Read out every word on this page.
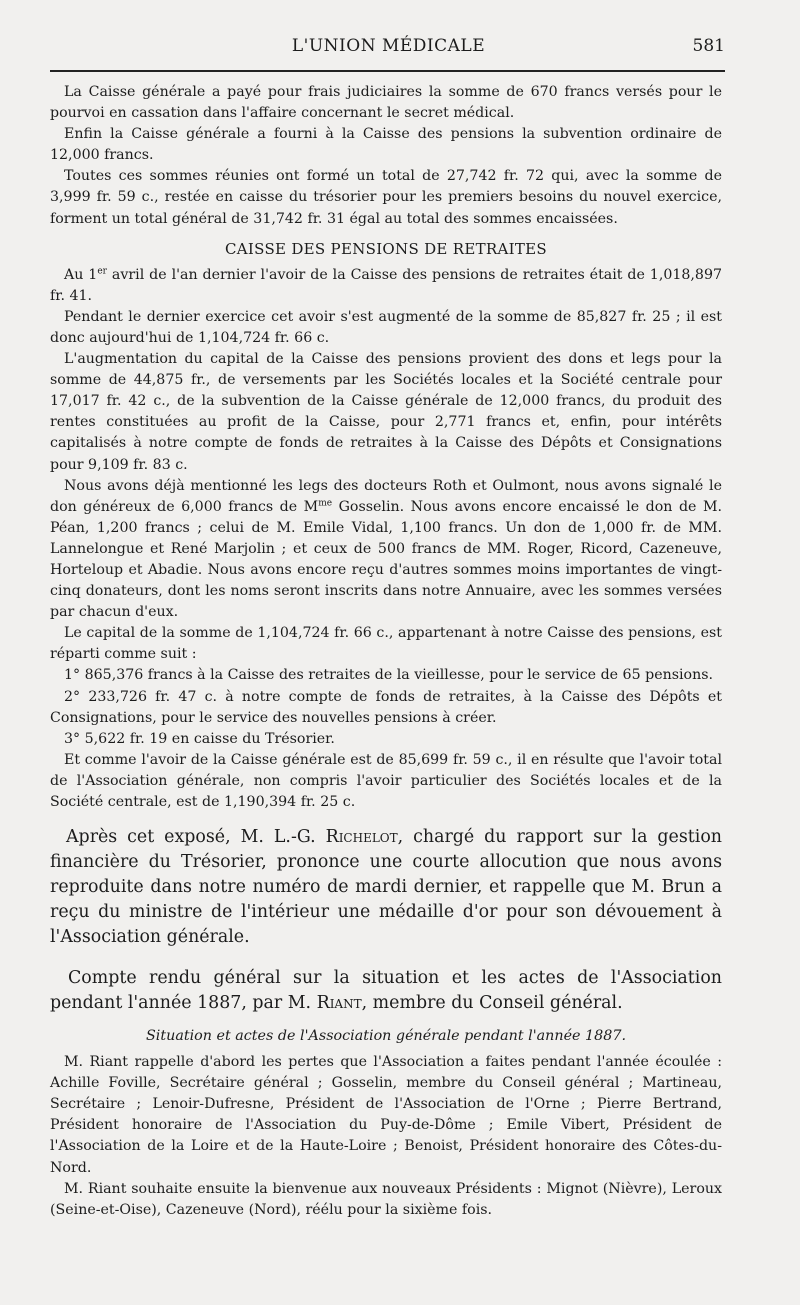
L'UNION MÉDICALE	581

La Caisse générale a payé pour frais judiciaires la somme de 670 francs versés pour le pourvoi en cassation dans l'affaire concernant le secret médical.

Enfin la Caisse générale a fourni à la Caisse des pensions la subvention ordinaire de 12,000 francs.

Toutes ces sommes réunies ont formé un total de 27,742 fr. 72 qui, avec la somme de 3,999 fr. 59 c., restée en caisse du trésorier pour les premiers besoins du nouvel exercice, forment un total général de 31,742 fr. 31 égal au total des sommes encaissées.

CAISSE DES PENSIONS DE RETRAITES

Au 1er avril de l'an dernier l'avoir de la Caisse des pensions de retraites était de 1,018,897 fr. 41.

Pendant le dernier exercice cet avoir s'est augmenté de la somme de 85,827 fr. 25 ; il est donc aujourd'hui de 1,104,724 fr. 66 c.

L'augmentation du capital de la Caisse des pensions provient des dons et legs pour la somme de 44,875 fr., de versements par les Sociétés locales et la Société centrale pour 17,017 fr. 42 c., de la subvention de la Caisse générale de 12,000 francs, du produit des rentes constituées au profit de la Caisse, pour 2,771 francs et, enfin, pour intérêts capitalisés à notre compte de fonds de retraites à la Caisse des Dépôts et Consignations pour 9,109 fr. 83 c.

Nous avons déjà mentionné les legs des docteurs Roth et Oulmont, nous avons signalé le don généreux de 6,000 francs de $M^{me}$ Gosselin. Nous avons encore encaissé le don de M. Péan, 1,200 francs ; celui de M. Emile Vidal, 1,100 francs. Un don de 1,000 fr. de MM. Lannelongue et René Marjolin ; et ceux de 500 francs de MM. Roger, Ricord, Cazeneuve, Horteloup et Abadie. Nous avons encore reçu d'autres sommes moins importantes de vingt-cinq donateurs, dont les noms seront inscrits dans notre Annuaire, avec les sommes versées par chacun d'eux.

Le capital de la somme de 1,104,724 fr. 66 c., appartenant à notre Caisse des pensions, est réparti comme suit :

1° 865,376 francs à la Caisse des retraites de la vieillesse, pour le service de 65 pensions.

2° 233,726 fr. 47 c. à notre compte de fonds de retraites, à la Caisse des Dépôts et Consignations, pour le service des nouvelles pensions à créer.

3° 5,622 fr. 19 en caisse du Trésorier.

Et comme l'avoir de la Caisse générale est de 85,699 fr. 59 c., il en résulte que l'avoir total de l'Association générale, non compris l'avoir particulier des Sociétés locales et de la Société centrale, est de 1,190,394 fr. 25 c.

Après cet exposé, M. L.-G. Richelot, chargé du rapport sur la gestion financière du Trésorier, prononce une courte allocution que nous avons reproduite dans notre numéro de mardi dernier, et rappelle que M. Brun a reçu du ministre de l'intérieur une médaille d'or pour son dévouement à l'Association générale.

Compte rendu général sur la situation et les actes de l'Association pendant l'année 1887, par M. Riant, membre du Conseil général.

Situation et actes de l'Association générale pendant l'année 1887.

M. Riant rappelle d'abord les pertes que l'Association a faites pendant l'année écoulée : Achille Foville, Secrétaire général ; Gosselin, membre du Conseil général ; Martineau, Secrétaire ; Lenoir-Dufresne, Président de l'Association de l'Orne ; Pierre Bertrand, Président honoraire de l'Association du Puy-de-Dôme ; Emile Vibert, Président de l'Association de la Loire et de la Haute-Loire ; Benoist, Président honoraire des Côtes-du-Nord.

M. Riant souhaite ensuite la bienvenue aux nouveaux Présidents : Mignot (Nièvre), Leroux (Seine-et-Oise), Cazeneuve (Nord), réélu pour la sixième fois.
